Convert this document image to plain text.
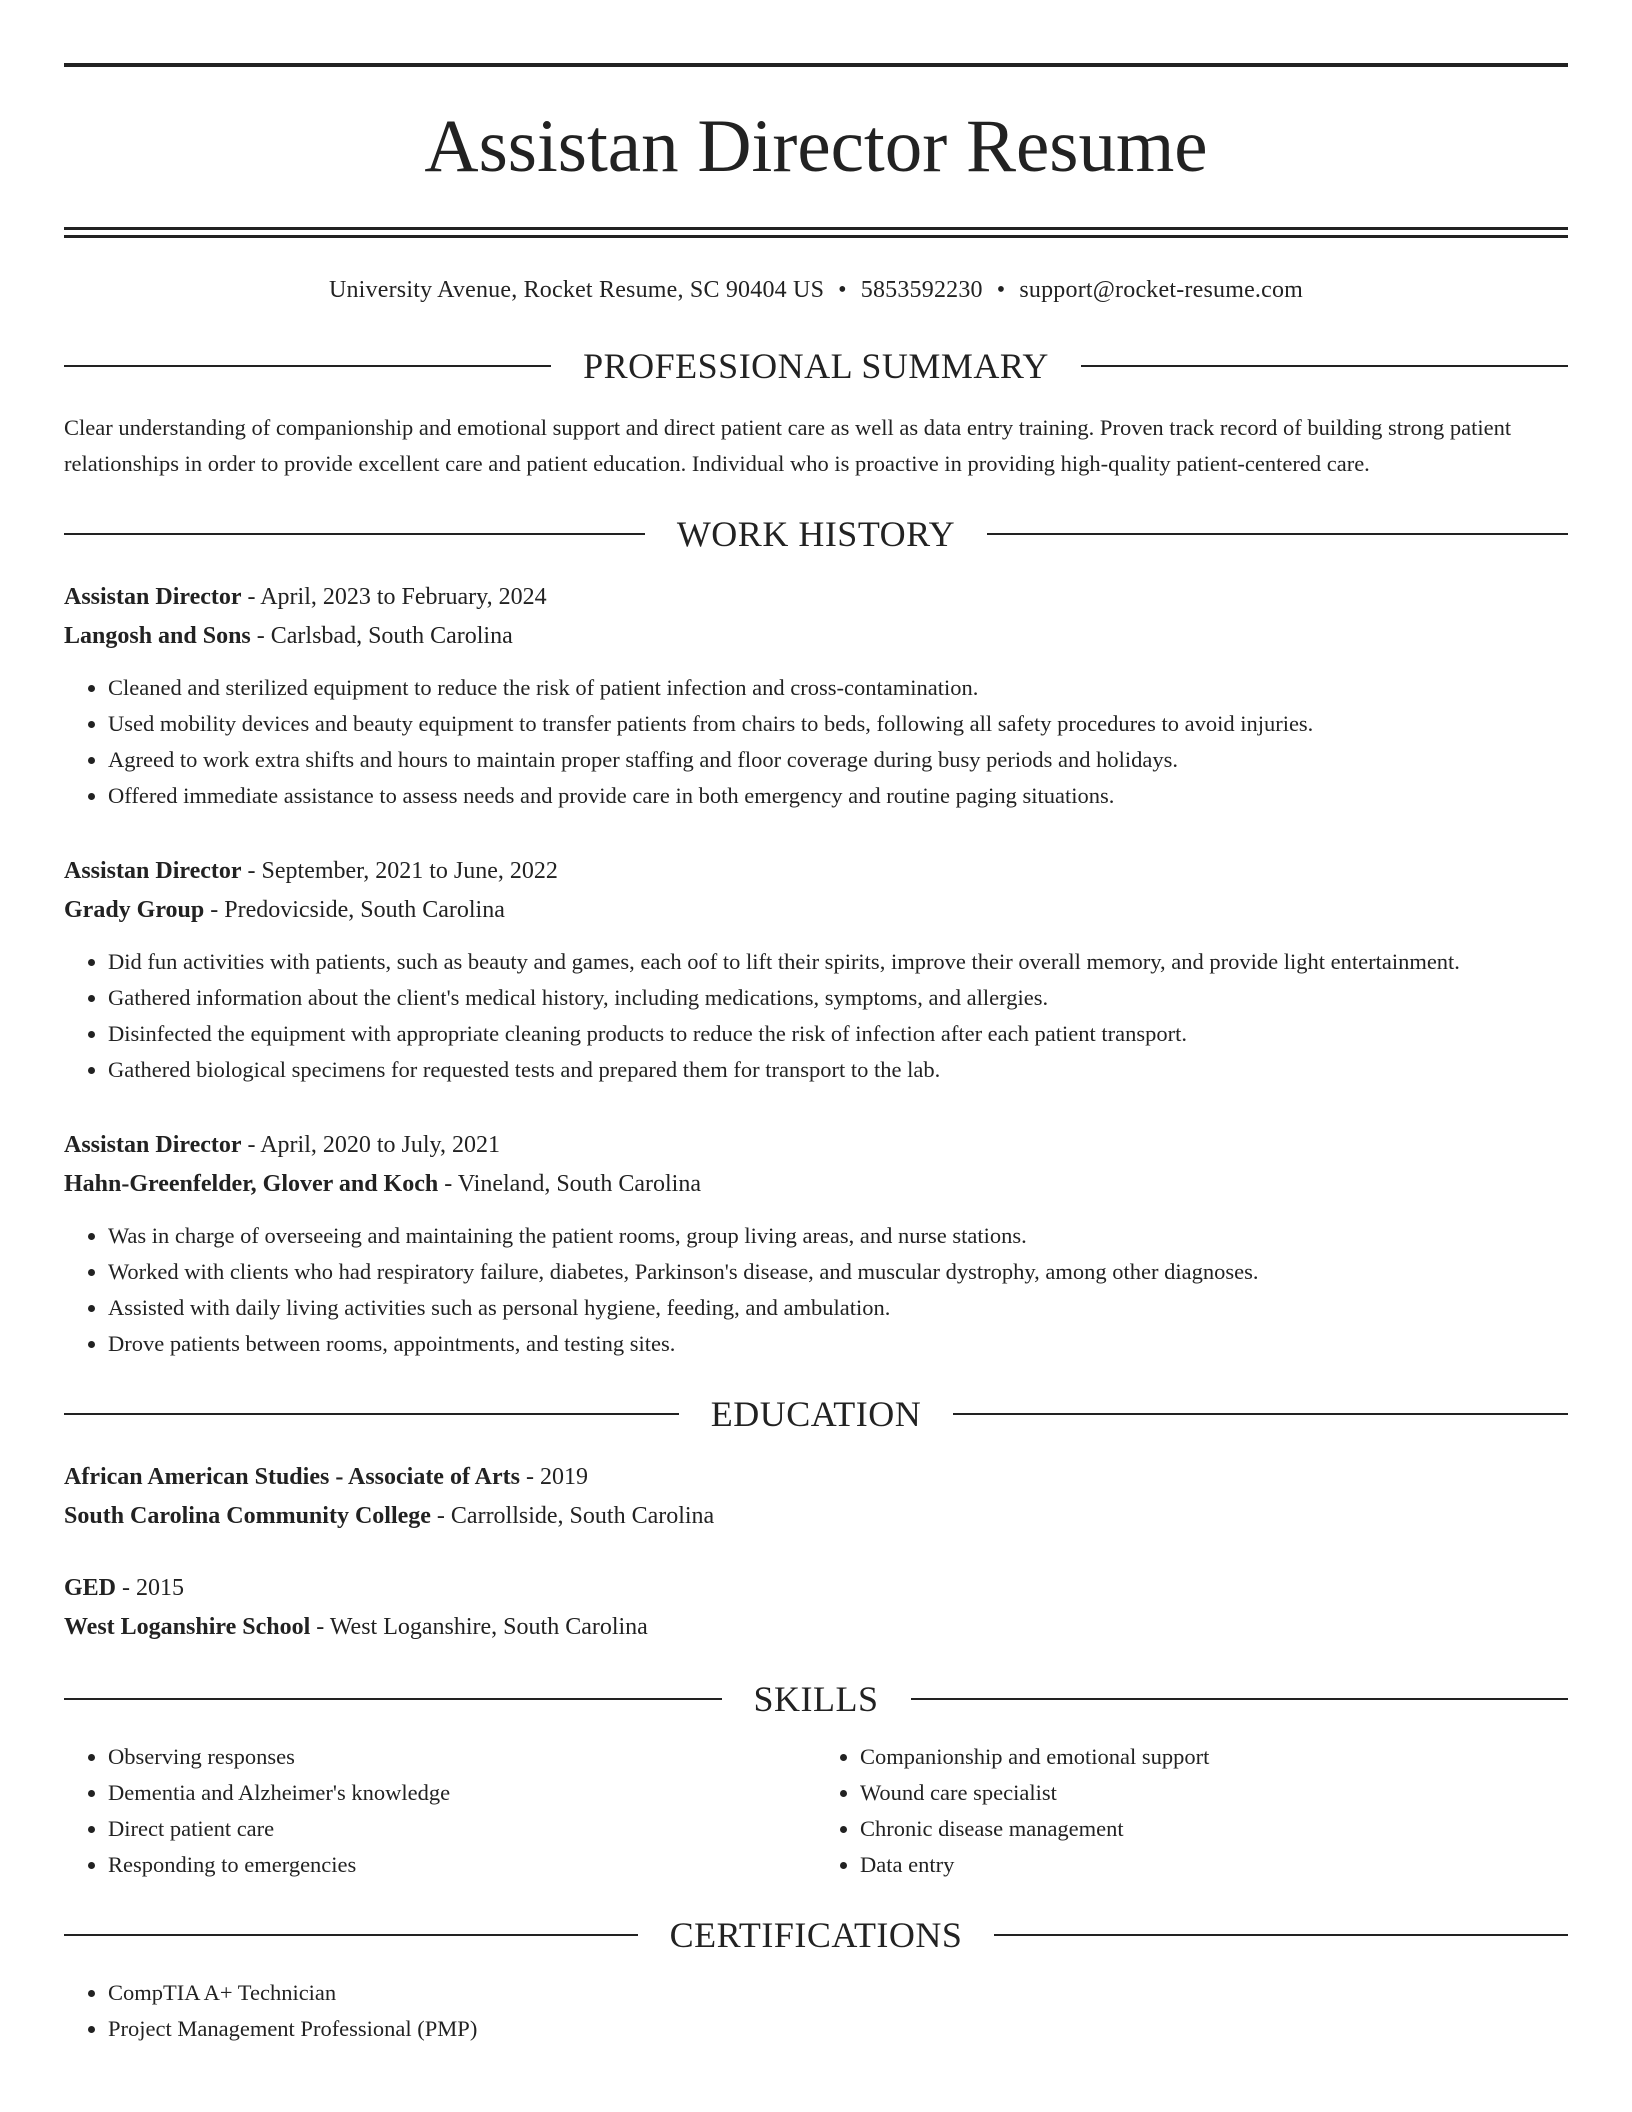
Assistan Director Resume
University Avenue, Rocket Resume, SC 90404 US • 5853592230 • support@rocket-resume.com
PROFESSIONAL SUMMARY

Clear understanding of companionship and emotional support and direct patient care as well as data entry training. Proven track record of building strong patient relationships in order to provide excellent care and patient education. Individual who is proactive in providing high-quality patient-centered care.

WORK HISTORY
Assistan Director - April, 2023 to February, 2024
Langosh and Sons - Carlsbad, South Carolina
• Cleaned and sterilized equipment to reduce the risk of patient infection and cross-contamination.
• Used mobility devices and beauty equipment to transfer patients from chairs to beds, following all safety procedures to avoid injuries.
• Agreed to work extra shifts and hours to maintain proper staffing and floor coverage during busy periods and holidays.
• Offered immediate assistance to assess needs and provide care in both emergency and routine paging situations.
Assistan Director - September, 2021 to June, 2022
Grady Group - Predovicside, South Carolina
• Did fun activities with patients, such as beauty and games, each oof to lift their spirits, improve their overall memory, and provide light entertainment.
• Gathered information about the client's medical history, including medications, symptoms, and allergies.
• Disinfected the equipment with appropriate cleaning products to reduce the risk of infection after each patient transport.
• Gathered biological specimens for requested tests and prepared them for transport to the lab.
Assistan Director - April, 2020 to July, 2021
Hahn-Greenfelder, Glover and Koch - Vineland, South Carolina
• Was in charge of overseeing and maintaining the patient rooms, group living areas, and nurse stations.
• Worked with clients who had respiratory failure, diabetes, Parkinson's disease, and muscular dystrophy, among other diagnoses.
• Assisted with daily living activities such as personal hygiene, feeding, and ambulation.
• Drove patients between rooms, appointments, and testing sites.
EDUCATION
African American Studies - Associate of Arts - 2019
South Carolina Community College - Carrollside, South Carolina
GED - 2015
West Loganshire School - West Loganshire, South Carolina
SKILLS
• Observing responses
• Dementia and Alzheimer's knowledge
• Direct patient care
• Responding to emergencies
• Companionship and emotional support
• Wound care specialist
• Chronic disease management
• Data entry
CERTIFICATIONS
• CompTIA A+ Technician
• Project Management Professional (PMP)
